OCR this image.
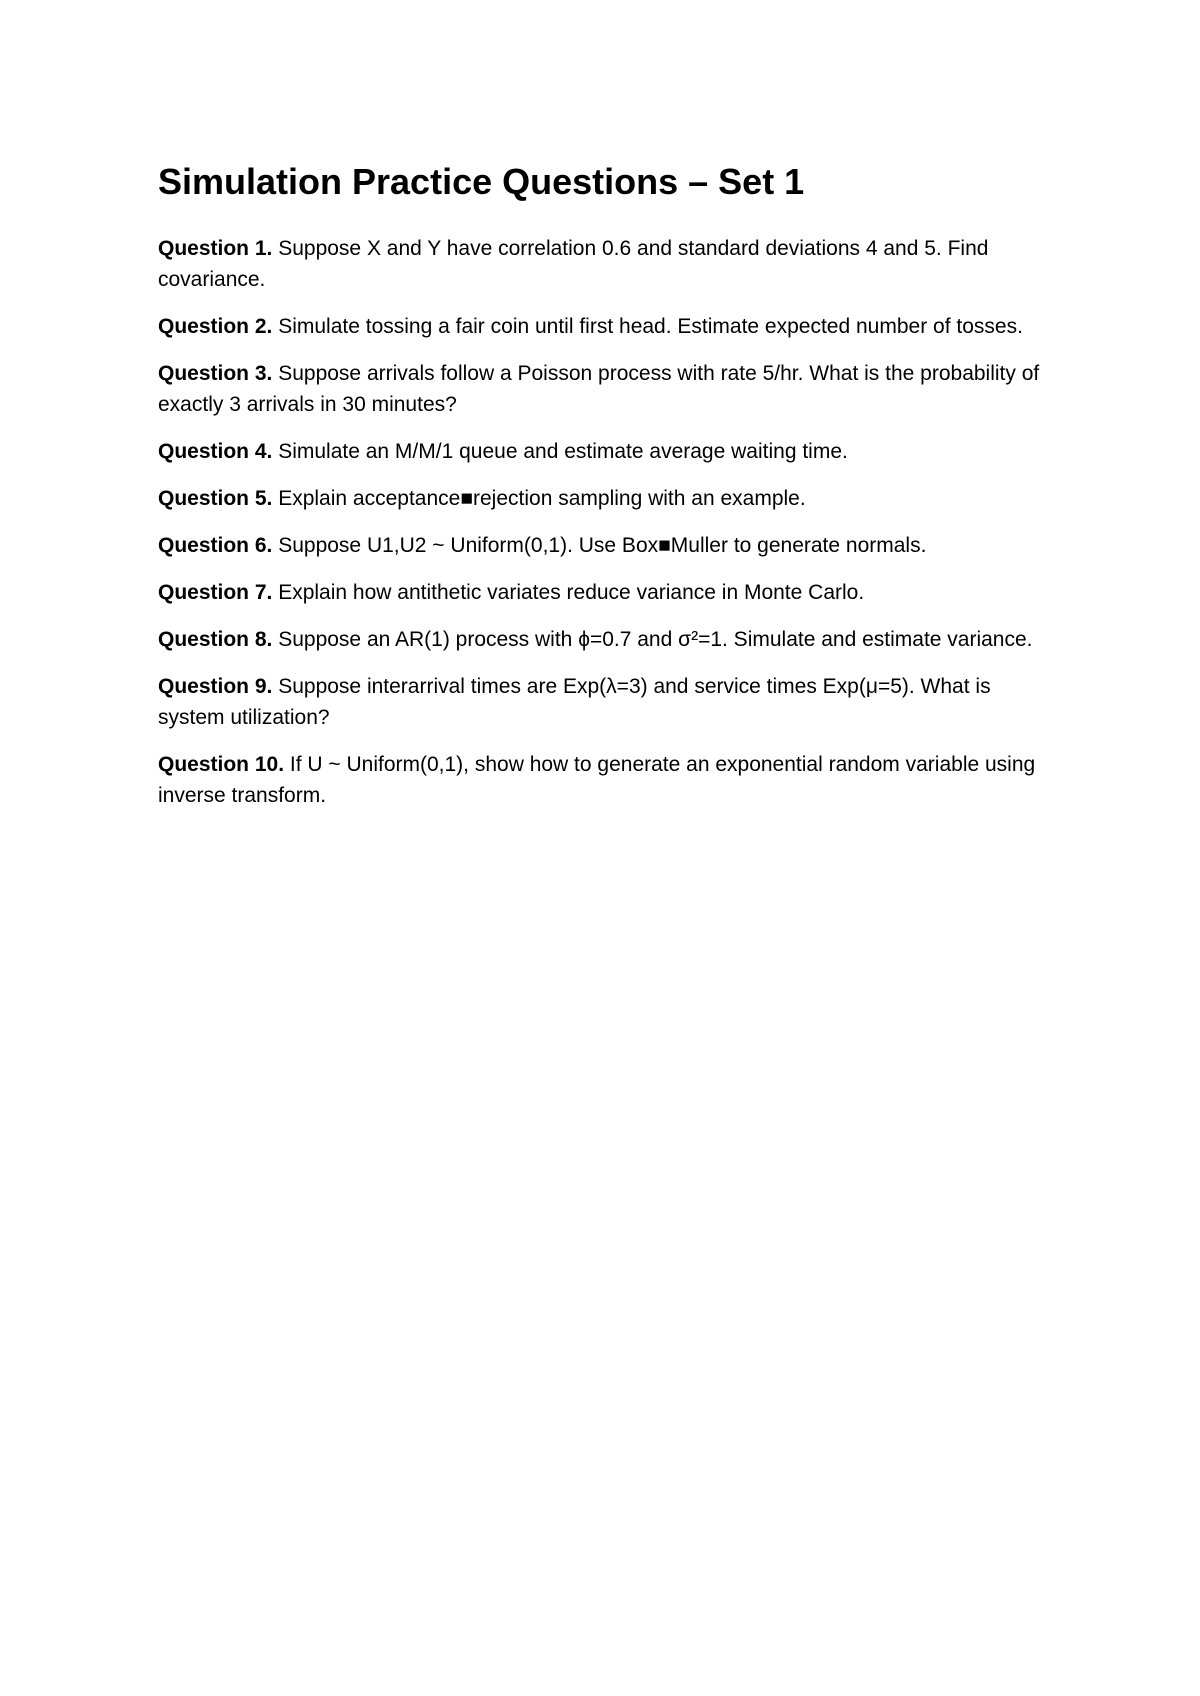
Simulation Practice Questions – Set 1
Question 1. Suppose X and Y have correlation 0.6 and standard deviations 4 and 5. Find covariance.
Question 2. Simulate tossing a fair coin until first head. Estimate expected number of tosses.
Question 3. Suppose arrivals follow a Poisson process with rate 5/hr. What is the probability of exactly 3 arrivals in 30 minutes?
Question 4. Simulate an M/M/1 queue and estimate average waiting time.
Question 5. Explain acceptance■rejection sampling with an example.
Question 6. Suppose U1,U2 ~ Uniform(0,1). Use Box■Muller to generate normals.
Question 7. Explain how antithetic variates reduce variance in Monte Carlo.
Question 8. Suppose an AR(1) process with ϕ=0.7 and σ²=1. Simulate and estimate variance.
Question 9. Suppose interarrival times are Exp(λ=3) and service times Exp(μ=5). What is system utilization?
Question 10. If U ~ Uniform(0,1), show how to generate an exponential random variable using inverse transform.
